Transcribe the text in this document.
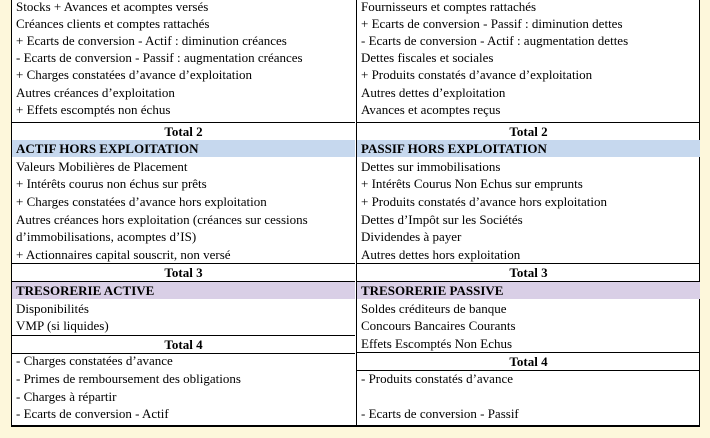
Stocks + Avances et acomptes versés
Créances clients et comptes rattachés
+ Ecarts de conversion - Actif : diminution créances
- Ecarts de conversion - Passif : augmentation créances
+ Charges constatées d’avance d’exploitation
Autres créances d’exploitation
+ Effets escomptés non échus
Total 2
ACTIF HORS EXPLOITATION
Valeurs Mobilières de Placement
+ Intérêts courus non échus sur prêts
+ Charges constatées d’avance hors exploitation
Autres créances hors exploitation (créances sur cessions
d’immobilisations, acomptes d’IS)
+ Actionnaires capital souscrit, non versé
Total 3
TRESORERIE ACTIVE
Disponibilités
VMP (si liquides)
Total 4
- Charges constatées d’avance
- Primes de remboursement des obligations
- Charges à répartir
- Ecarts de conversion - Actif
Fournisseurs et comptes rattachés
+ Ecarts de conversion - Passif : diminution dettes
- Ecarts de conversion - Actif : augmentation dettes
Dettes fiscales et sociales
+ Produits constatés d’avance d’exploitation
Autres dettes d’exploitation
Avances et acomptes reçus
Total 2
PASSIF HORS EXPLOITATION
Dettes sur immobilisations
+ Intérêts Courus Non Echus sur emprunts
+ Produits constatés d’avance hors exploitation
Dettes d’Impôt sur les Sociétés
Dividendes à payer
Autres dettes hors exploitation
Total 3
TRESORERIE PASSIVE
Soldes créditeurs de banque
Concours Bancaires Courants
Effets Escomptés Non Echus
Total 4
- Produits constatés d’avance
- Ecarts de conversion - Passif
